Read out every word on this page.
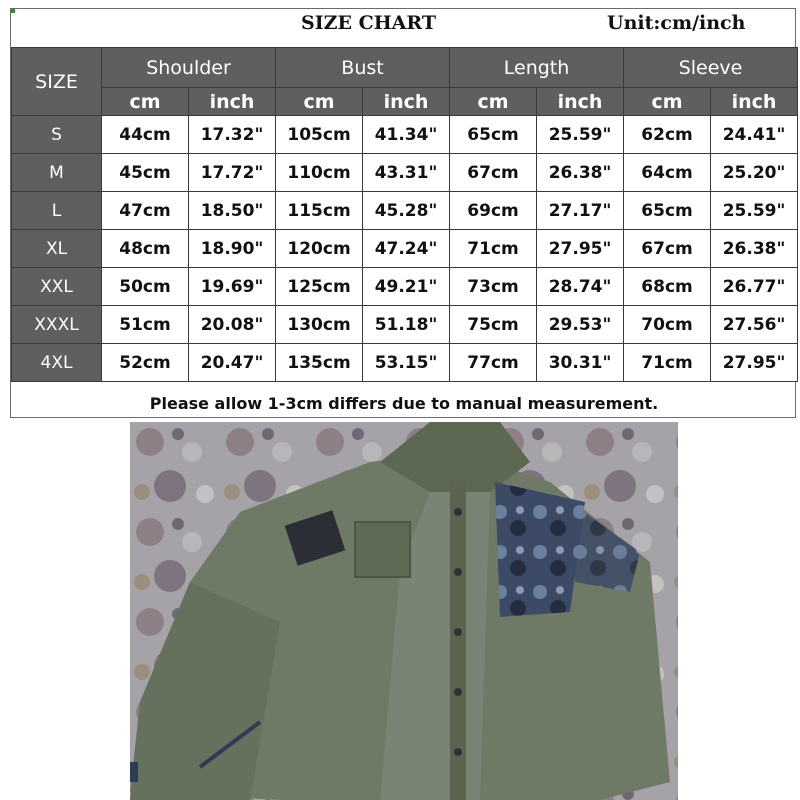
SIZE CHART	Unit:cm/inch
SIZE	Shoulder		Bust		Length		Sleeve	
	cm	inch	cm	inch	cm	inch	cm	inch
S	44cm	17.32"	105cm	41.34"	65cm	25.59"	62cm	24.41"
M	45cm	17.72"	110cm	43.31"	67cm	26.38"	64cm	25.20"
L	47cm	18.50"	115cm	45.28"	69cm	27.17"	65cm	25.59"
XL	48cm	18.90"	120cm	47.24"	71cm	27.95"	67cm	26.38"
XXL	50cm	19.69"	125cm	49.21"	73cm	28.74"	68cm	26.77"
XXXL	51cm	20.08"	130cm	51.18"	75cm	29.53"	70cm	27.56"
4XL	52cm	20.47"	135cm	53.15"	77cm	30.31"	71cm	27.95"
Please allow 1-3cm differs due to manual measurement.
